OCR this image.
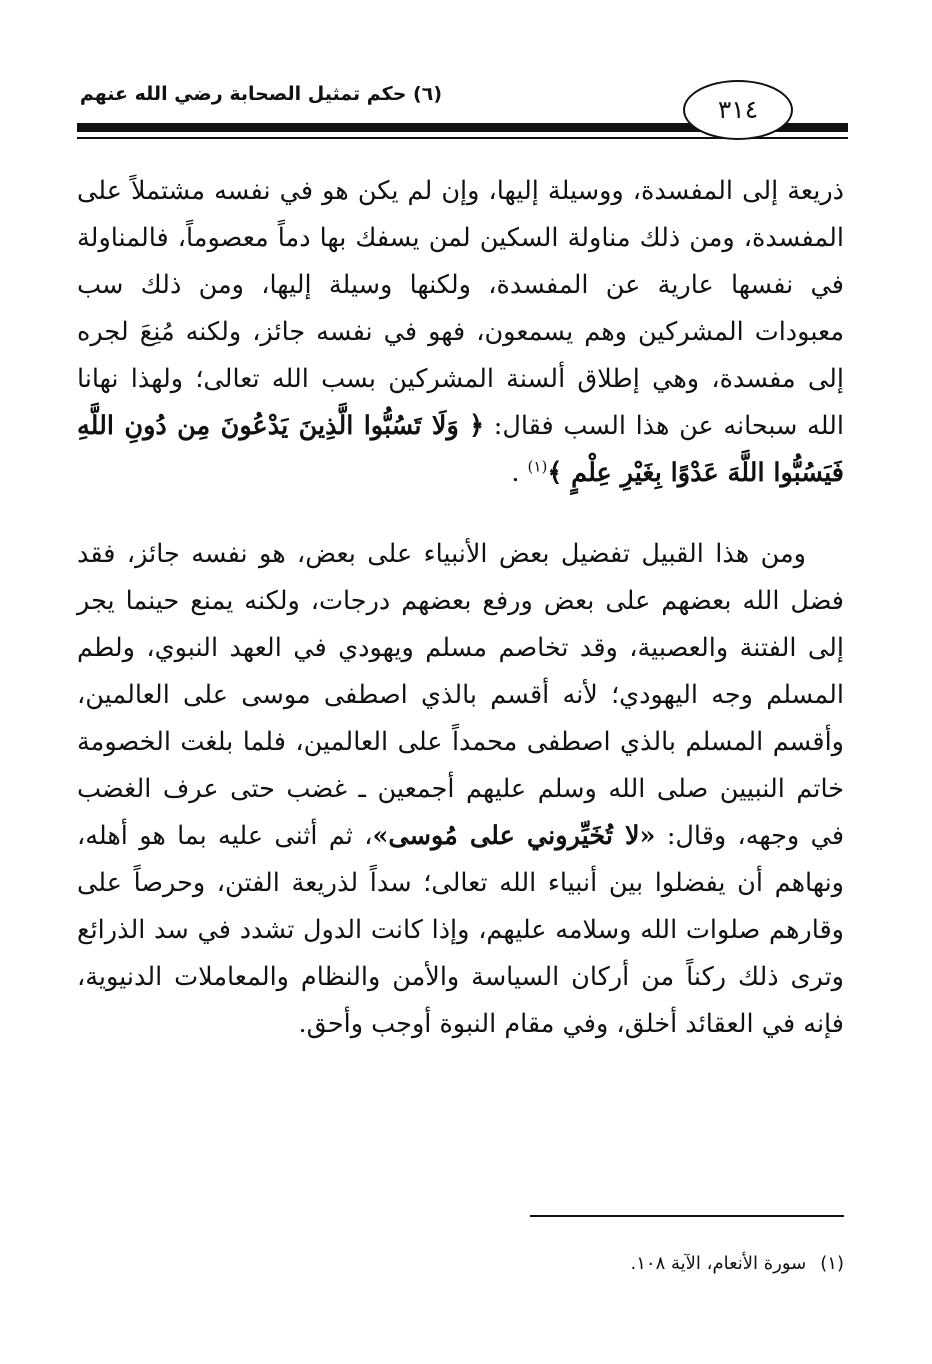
(٦) حكم تمثيل الصحابة رضي الله عنهم
٣١٤

ذريعة إلى المفسدة، ووسيلة إليها، وإن لم يكن هو في نفسه مشتملاً على المفسدة، ومن ذلك مناولة السكين لمن يسفك بها دماً معصوماً، فالمناولة في نفسها عارية عن المفسدة، ولكنها وسيلة إليها، ومن ذلك سب معبودات المشركين وهم يسمعون، فهو في نفسه جائز، ولكنه مُنِعَ لجره إلى مفسدة، وهي إطلاق ألسنة المشركين بسب الله تعالى؛ ولهذا نهانا الله سبحانه عن هذا السب فقال: ﴿ وَلَا تَسُبُّوا الَّذِينَ يَدْعُونَ مِن دُونِ اللَّهِ فَيَسُبُّوا اللَّهَ عَدْوًا بِغَيْرِ عِلْمٍ ﴾$^{(١)}$ .

ومن هذا القبيل تفضيل بعض الأنبياء على بعض، هو نفسه جائز، فقد فضل الله بعضهم على بعض ورفع بعضهم درجات، ولكنه يمنع حينما يجر إلى الفتنة والعصبية، وقد تخاصم مسلم ويهودي في العهد النبوي، ولطم المسلم وجه اليهودي؛ لأنه أقسم بالذي اصطفى موسى على العالمين، وأقسم المسلم بالذي اصطفى محمداً على العالمين، فلما بلغت الخصومة خاتم النبيين صلى الله وسلم عليهم أجمعين ـ غضب حتى عرف الغضب في وجهه، وقال: «لا تُخَيِّروني على مُوسى»، ثم أثنى عليه بما هو أهله، ونهاهم أن يفضلوا بين أنبياء الله تعالى؛ سداً لذريعة الفتن، وحرصاً على وقارهم صلوات الله وسلامه عليهم، وإذا كانت الدول تشدد في سد الذرائع وترى ذلك ركناً من أركان السياسة والأمن والنظام والمعاملات الدنيوية، فإنه في العقائد أخلق، وفي مقام النبوة أوجب وأحق.

(١)سورة الأنعام، الآية ١٠٨.
